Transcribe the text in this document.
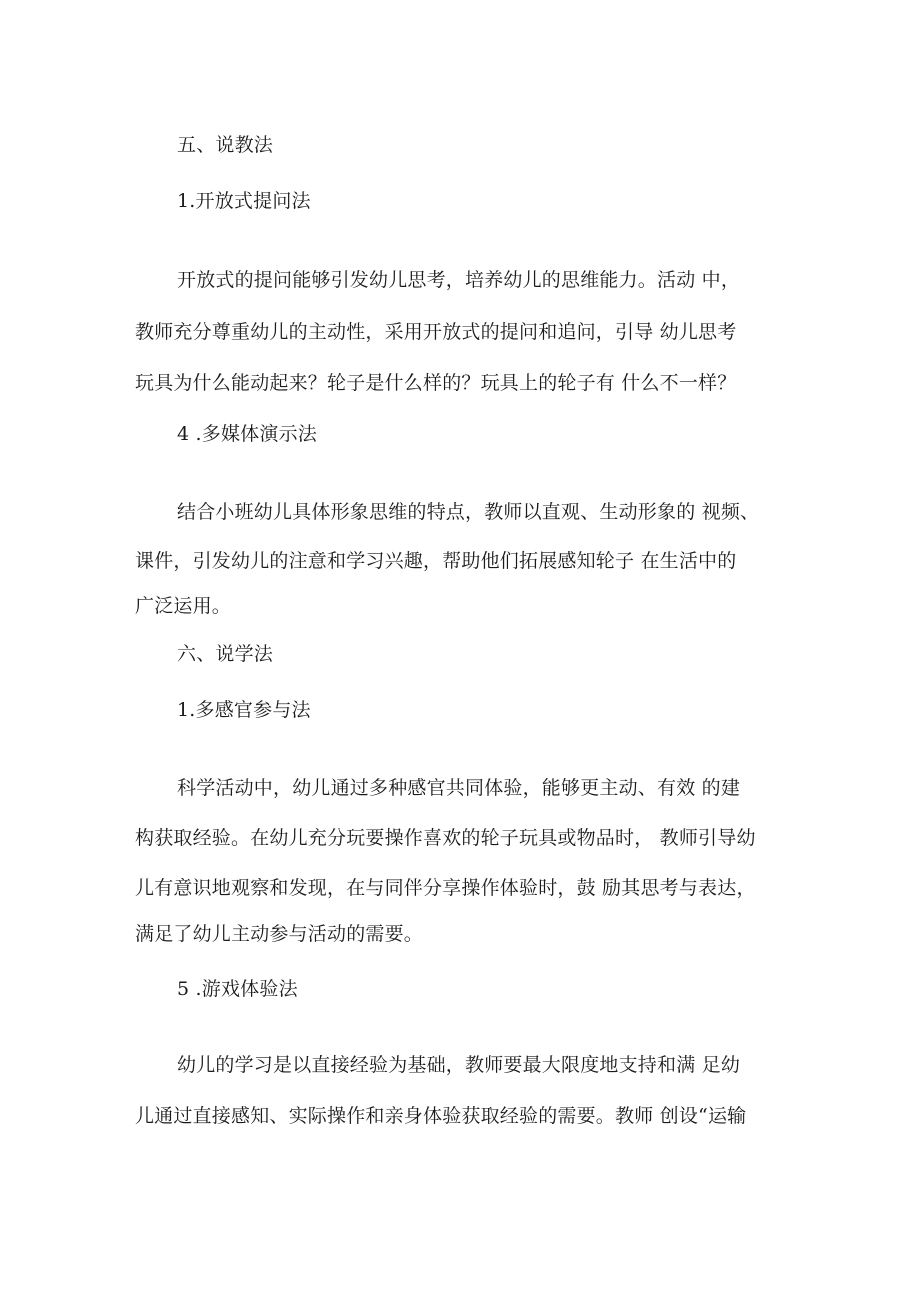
五、说教法
1.开放式提问法
开放式的提问能够引发幼儿思考，培养幼儿的思维能力。活动 中，
教师充分尊重幼儿的主动性，采用开放式的提问和追问，引导 幼儿思考
玩具为什么能动起来？轮子是什么样的？玩具上的轮子有 什么不一样？
4 .多媒体演示法
结合小班幼儿具体形象思维的特点，教师以直观、生动形象的 视频、
课件，引发幼儿的注意和学习兴趣，帮助他们拓展感知轮子 在生活中的
广泛运用。
六、说学法
1.多感官参与法
科学活动中，幼儿通过多种感官共同体验，能够更主动、有效 的建
构获取经验。在幼儿充分玩要操作喜欢的轮子玩具或物品时， 教师引导幼
儿有意识地观察和发现，在与同伴分享操作体验时，鼓 励其思考与表达，
满足了幼儿主动参与活动的需要。
5 .游戏体验法
幼儿的学习是以直接经验为基础，教师要最大限度地支持和满 足幼
儿通过直接感知、实际操作和亲身体验获取经验的需要。教师 创设“运输
